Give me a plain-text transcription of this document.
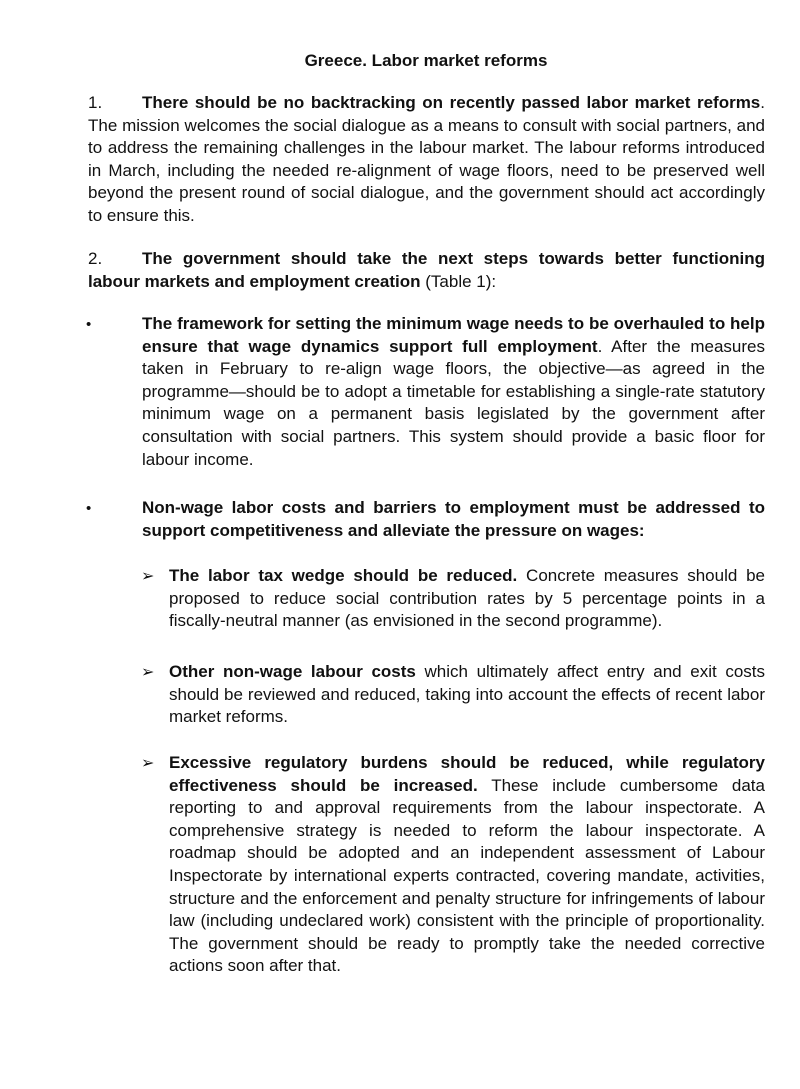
Greece. Labor market reforms
1.	There should be no backtracking on recently passed labor market reforms. The mission welcomes the social dialogue as a means to consult with social partners, and to address the remaining challenges in the labour market. The labour reforms introduced in March, including the needed re-alignment of wage floors, need to be preserved well beyond the present round of social dialogue, and the government should act accordingly to ensure this.
2.	The government should take the next steps towards better functioning labour markets and employment creation (Table 1):
•	The framework for setting the minimum wage needs to be overhauled to help ensure that wage dynamics support full employment. After the measures taken in February to re-align wage floors, the objective—as agreed in the programme—should be to adopt a timetable for establishing a single-rate statutory minimum wage on a permanent basis legislated by the government after consultation with social partners. This system should provide a basic floor for labour income.
•	Non-wage labor costs and barriers to employment must be addressed to support competitiveness and alleviate the pressure on wages:
➢ The labor tax wedge should be reduced. Concrete measures should be proposed to reduce social contribution rates by 5 percentage points in a fiscally-neutral manner (as envisioned in the second programme).
➢ Other non-wage labour costs which ultimately affect entry and exit costs should be reviewed and reduced, taking into account the effects of recent labor market reforms.
➢ Excessive regulatory burdens should be reduced, while regulatory effectiveness should be increased. These include cumbersome data reporting to and approval requirements from the labour inspectorate. A comprehensive strategy is needed to reform the labour inspectorate. A roadmap should be adopted and an independent assessment of Labour Inspectorate by international experts contracted, covering mandate, activities, structure and the enforcement and penalty structure for infringements of labour law (including undeclared work) consistent with the principle of proportionality. The government should be ready to promptly take the needed corrective actions soon after that.
